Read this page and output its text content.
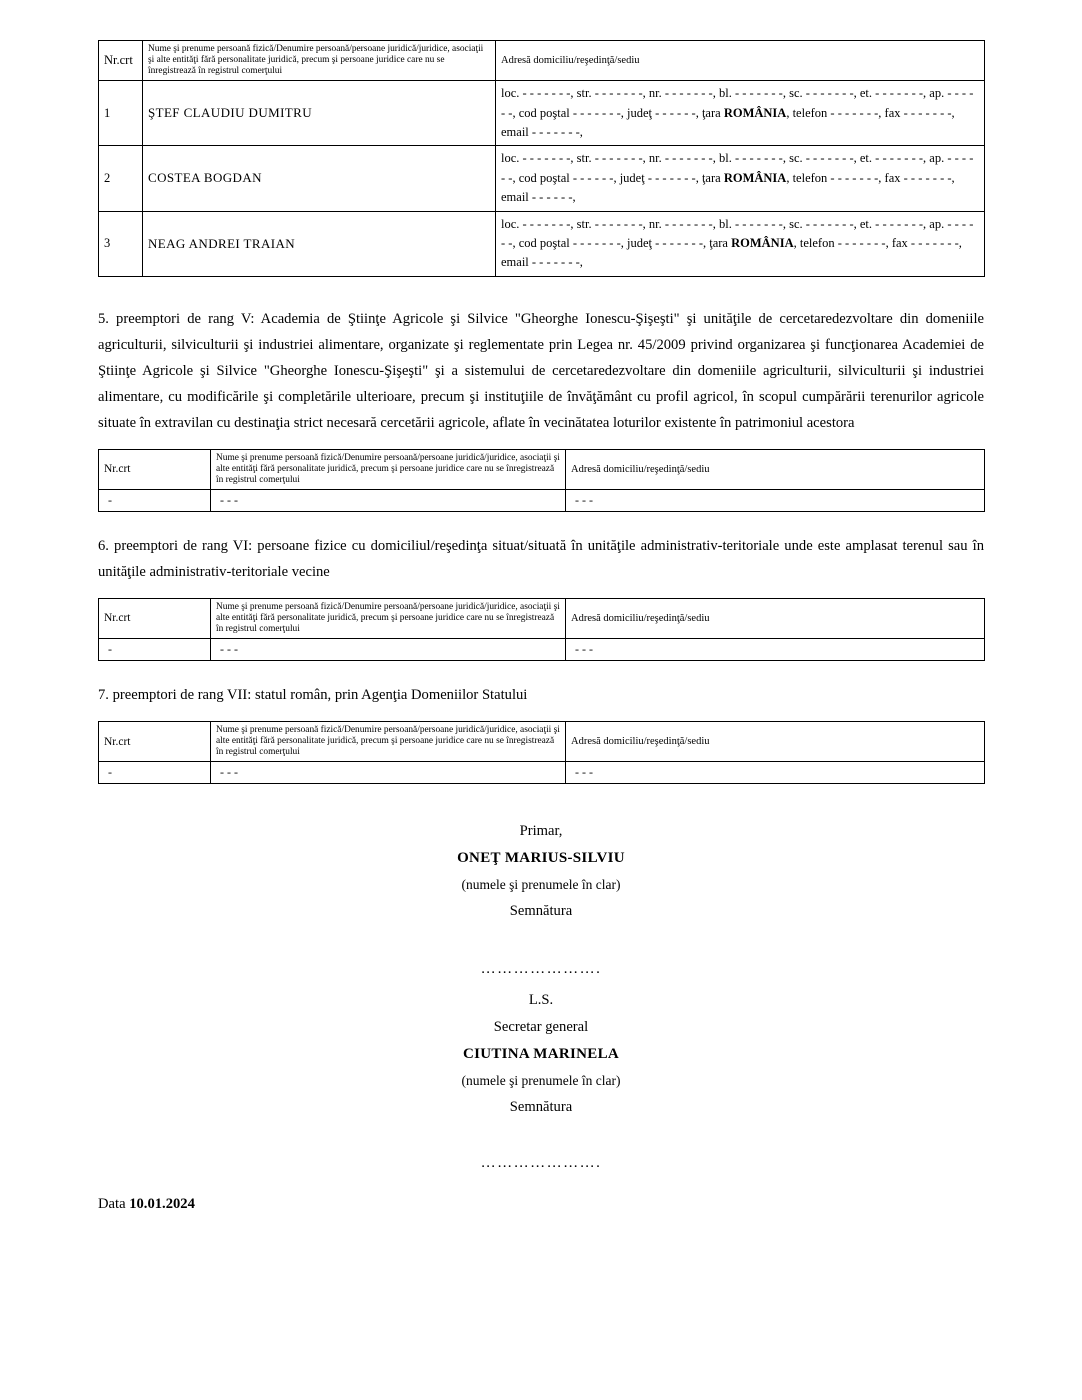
Nr.crt	Nume şi prenume persoană fizică/Denumire persoană/persoane juridică/juridice, asociaţii şi alte entităţi fără personalitate juridică, precum şi persoane juridice care nu se înregistrează în registrul comerţului	Adresă domiciliu/reşedinţă/sediu
1	ŞTEF CLAUDIU DUMITRU	loc. - - - - - - -, str. - - - - - - -, nr. - - - - - - -, bl. - - - - - - -, sc. - - - - - - -, et. - - - - - - -, ap. - - - - - -, cod poştal - - - - - - -, judeţ - - - - - -, ţara ROMÂNIA, telefon - - - - - - -, fax - - - - - - -, email - - - - - - -,
2	COSTEA BOGDAN	loc. - - - - - - -, str. - - - - - - -, nr. - - - - - - -, bl. - - - - - - -, sc. - - - - - - -, et. - - - - - - -, ap. - - - - - -, cod poştal - - - - - -, judeţ - - - - - - -, ţara ROMÂNIA, telefon - - - - - - -, fax - - - - - - -, email - - - - - -,
3	NEAG ANDREI TRAIAN	loc. - - - - - - -, str. - - - - - - -, nr. - - - - - - -, bl. - - - - - - -, sc. - - - - - - -, et. - - - - - - -, ap. - - - - - -, cod poştal - - - - - - -, judeţ - - - - - - -, ţara ROMÂNIA, telefon - - - - - - -, fax - - - - - - -, email - - - - - - -,

5. preemptori de rang V: Academia de Ştiinţe Agricole şi Silvice "Gheorghe Ionescu-Şişeşti" şi unităţile de cercetaredezvoltare din domeniile agriculturii, silviculturii şi industriei alimentare, organizate şi reglementate prin Legea nr. 45/2009 privind organizarea şi funcţionarea Academiei de Ştiinţe Agricole şi Silvice "Gheorghe Ionescu-Şişeşti" şi a sistemului de cercetaredezvoltare din domeniile agriculturii, silviculturii şi industriei alimentare, cu modificările şi completările ulterioare, precum şi instituţiile de învăţământ cu profil agricol, în scopul cumpărării terenurilor agricole situate în extravilan cu destinaţia strict necesară cercetării agricole, aflate în vecinătatea loturilor existente în patrimoniul acestora

Nr.crt	Nume şi prenume persoană fizică/Denumire persoană/persoane juridică/juridice, asociaţii şi alte entităţi fără personalitate juridică, precum şi persoane juridice care nu se înregistrează în registrul comerţului	Adresă domiciliu/reşedinţă/sediu
-	- - -	- - -

6. preemptori de rang VI: persoane fizice cu domiciliul/reşedinţa situat/situată în unităţile administrativ-teritoriale unde este amplasat terenul sau în unităţile administrativ-teritoriale vecine

Nr.crt	Nume şi prenume persoană fizică/Denumire persoană/persoane juridică/juridice, asociaţii şi alte entităţi fără personalitate juridică, precum şi persoane juridice care nu se înregistrează în registrul comerţului	Adresă domiciliu/reşedinţă/sediu
-	- - -	- - -

7. preemptori de rang VII: statul român, prin Agenţia Domeniilor Statului

Nr.crt	Nume şi prenume persoană fizică/Denumire persoană/persoane juridică/juridice, asociaţii şi alte entităţi fără personalitate juridică, precum şi persoane juridice care nu se înregistrează în registrul comerţului	Adresă domiciliu/reşedinţă/sediu
-	- - -	- - -
Primar,
ONEŢ MARIUS-SILVIU
(numele şi prenumele în clar)
Semnătura
………………….
L.S.
Secretar general
CIUTINA MARINELA
(numele şi prenumele în clar)
Semnătura
………………….
Data 10.01.2024
